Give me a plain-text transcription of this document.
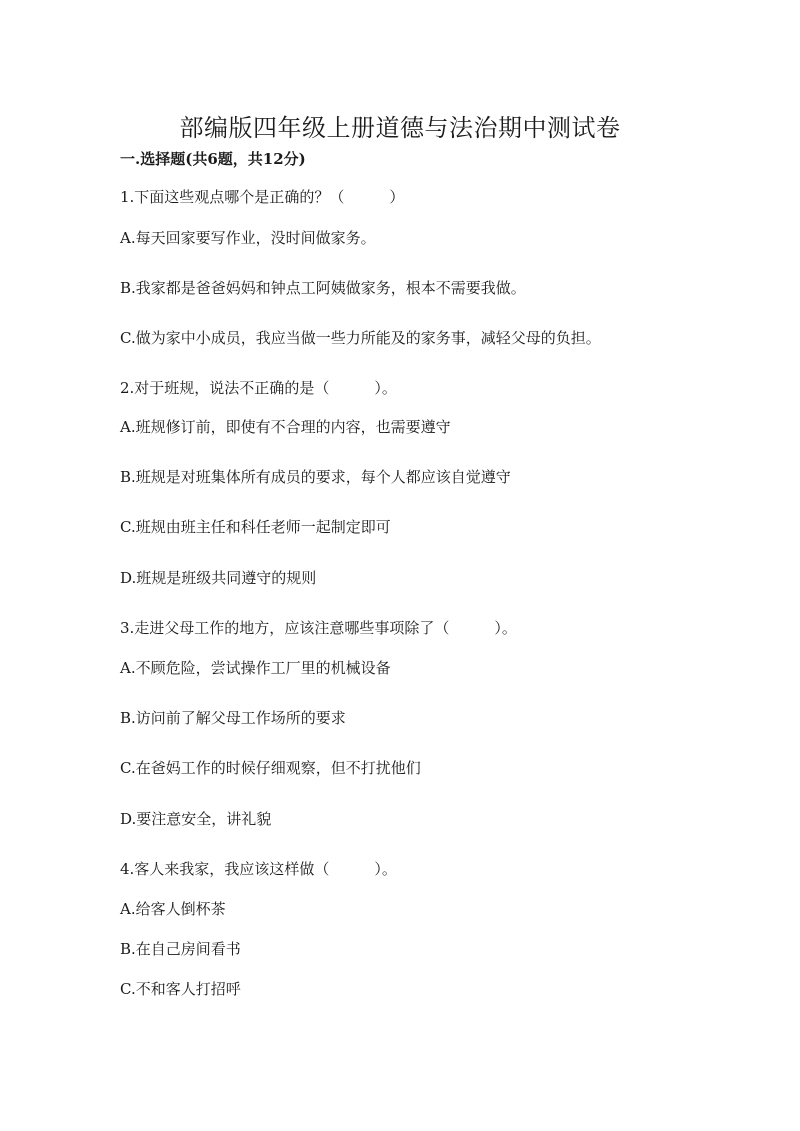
部编版四年级上册道德与法治期中测试卷
一.选择题(共6题，共12分)
1.下面这些观点哪个是正确的？（　　　）
A.每天回家要写作业，没时间做家务。
B.我家都是爸爸妈妈和钟点工阿姨做家务，根本不需要我做。
C.做为家中小成员，我应当做一些力所能及的家务事，减轻父母的负担。
2.对于班规，说法不正确的是（　　　）。
A.班规修订前，即使有不合理的内容，也需要遵守
B.班规是对班集体所有成员的要求，每个人都应该自觉遵守
C.班规由班主任和科任老师一起制定即可
D.班规是班级共同遵守的规则
3.走进父母工作的地方，应该注意哪些事项除了（　　　）。
A.不顾危险，尝试操作工厂里的机械设备
B.访问前了解父母工作场所的要求
C.在爸妈工作的时候仔细观察，但不打扰他们
D.要注意安全，讲礼貌
4.客人来我家，我应该这样做（　　　）。
A.给客人倒杯茶
B.在自己房间看书
C.不和客人打招呼
